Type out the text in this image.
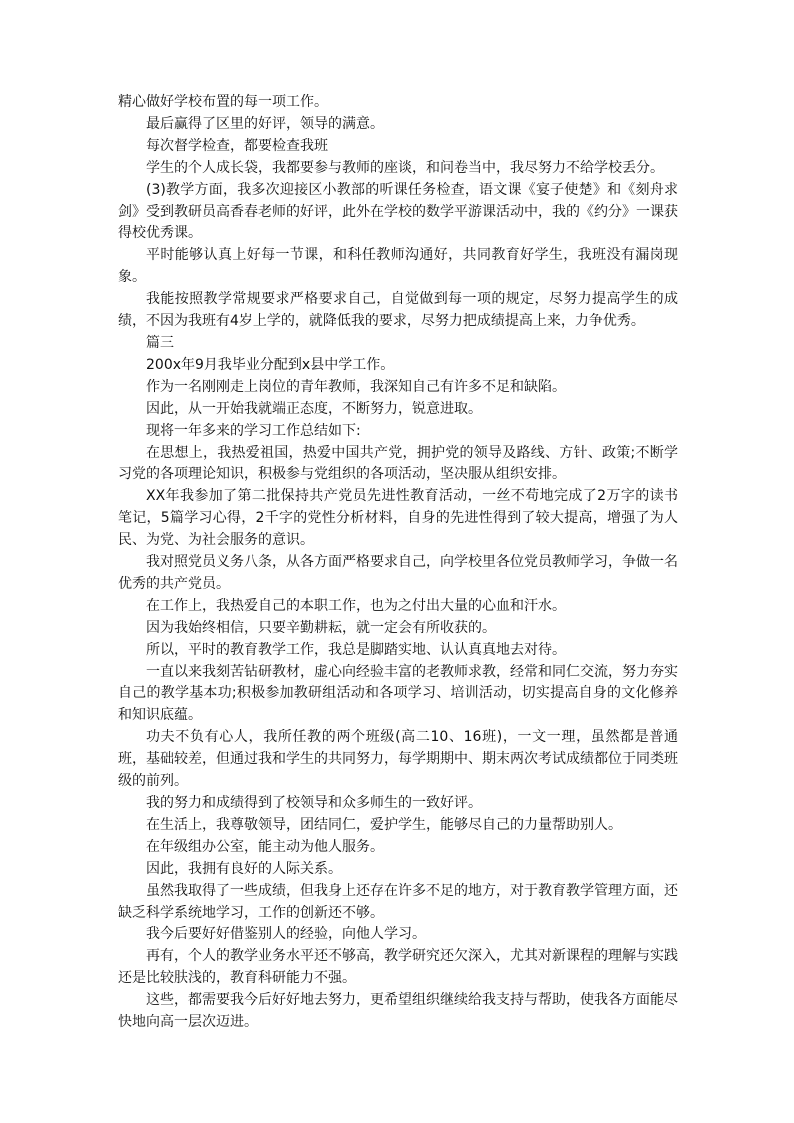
精心做好学校布置的每一项工作。

最后赢得了区里的好评，领导的满意。

每次督学检查，都要检查我班

学生的个人成长袋，我都要参与教师的座谈，和问卷当中，我尽努力不给学校丢分。

(3)教学方面，我多次迎接区小教部的听课任务检查，语文课《宴子使楚》和《刻舟求剑》受到教研员高香春老师的好评，此外在学校的数学平游课活动中，我的《约分》一课获得校优秀课。

平时能够认真上好每一节课，和科任教师沟通好，共同教育好学生，我班没有漏岗现象。

我能按照教学常规要求严格要求自己，自觉做到每一项的规定，尽努力提高学生的成绩，不因为我班有4岁上学的，就降低我的要求，尽努力把成绩提高上来，力争优秀。

篇三

200x年9月我毕业分配到x县中学工作。

作为一名刚刚走上岗位的青年教师，我深知自己有许多不足和缺陷。

因此，从一开始我就端正态度，不断努力，锐意进取。

现将一年多来的学习工作总结如下:

在思想上，我热爱祖国，热爱中国共产党，拥护党的领导及路线、方针、政策;不断学习党的各项理论知识，积极参与党组织的各项活动，坚决服从组织安排。

XX年我参加了第二批保持共产党员先进性教育活动，一丝不苟地完成了2万字的读书笔记，5篇学习心得，2千字的党性分析材料，自身的先进性得到了较大提高，增强了为人民、为党、为社会服务的意识。

我对照党员义务八条，从各方面严格要求自己，向学校里各位党员教师学习，争做一名优秀的共产党员。

在工作上，我热爱自己的本职工作，也为之付出大量的心血和汗水。

因为我始终相信，只要辛勤耕耘，就一定会有所收获的。

所以，平时的教育教学工作，我总是脚踏实地、认认真真地去对待。

一直以来我刻苦钻研教材，虚心向经验丰富的老教师求教，经常和同仁交流，努力夯实自己的教学基本功;积极参加教研组活动和各项学习、培训活动，切实提高自身的文化修养和知识底蕴。

功夫不负有心人，我所任教的两个班级(高二10、16班)，一文一理，虽然都是普通班，基础较差，但通过我和学生的共同努力，每学期期中、期末两次考试成绩都位于同类班级的前列。

我的努力和成绩得到了校领导和众多师生的一致好评。

在生活上，我尊敬领导，团结同仁，爱护学生，能够尽自己的力量帮助别人。

在年级组办公室，能主动为他人服务。

因此，我拥有良好的人际关系。

虽然我取得了一些成绩，但我身上还存在许多不足的地方，对于教育教学管理方面，还缺乏科学系统地学习，工作的创新还不够。

我今后要好好借鉴别人的经验，向他人学习。

再有，个人的教学业务水平还不够高，教学研究还欠深入，尤其对新课程的理解与实践还是比较肤浅的，教育科研能力不强。

这些，都需要我今后好好地去努力，更希望组织继续给我支持与帮助，使我各方面能尽快地向高一层次迈进。
